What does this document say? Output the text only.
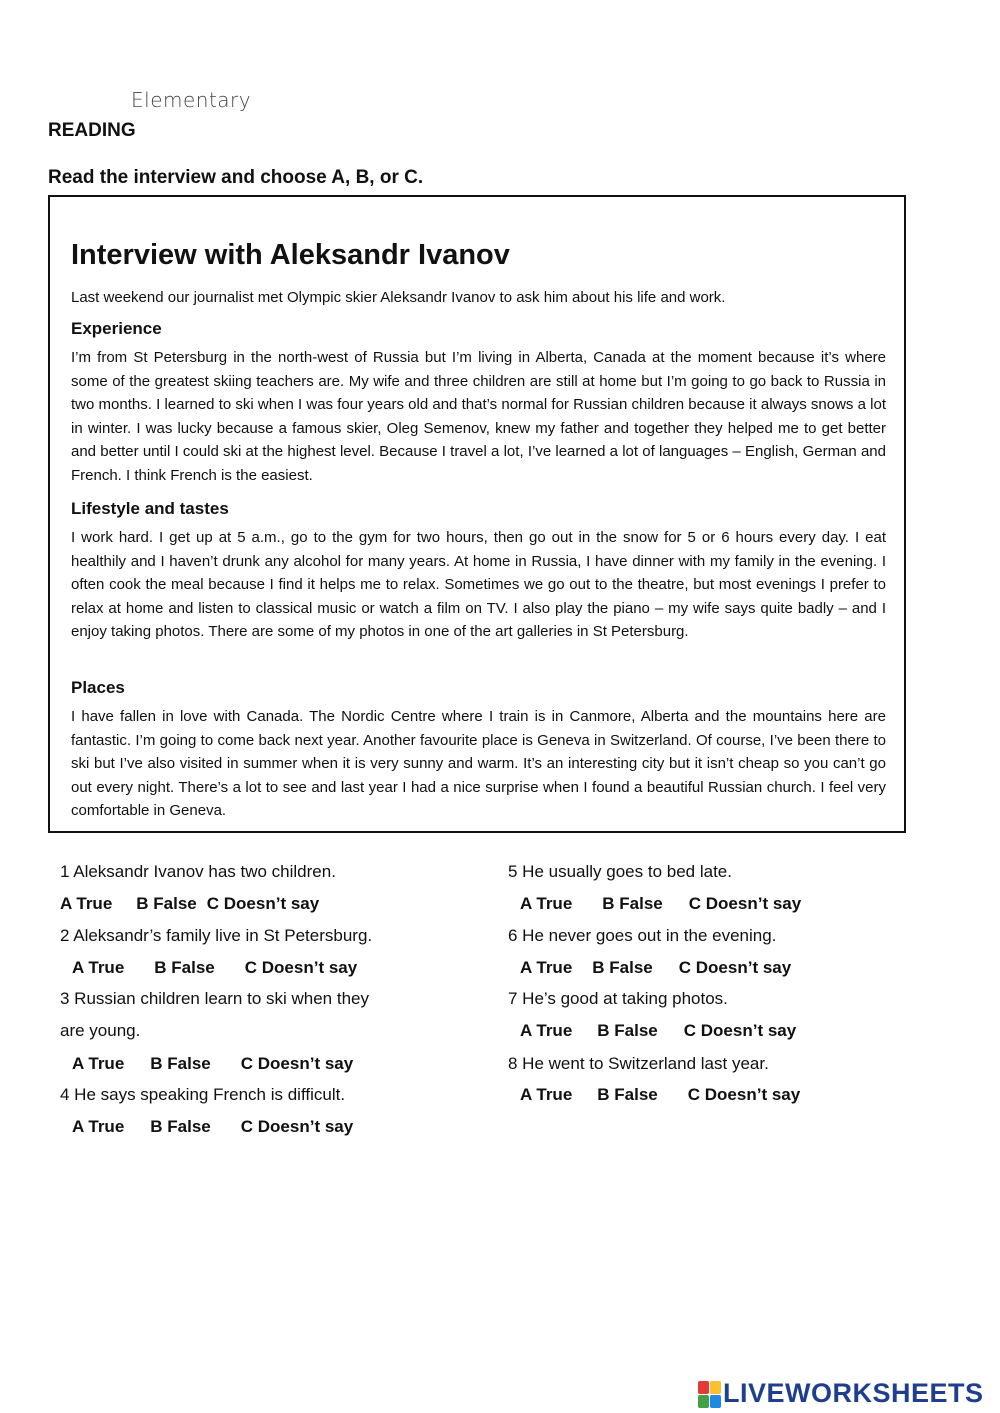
Elementary
READING
Read the interview and choose A, B, or C.
Interview with Aleksandr Ivanov
Last weekend our journalist met Olympic skier Aleksandr Ivanov to ask him about his life and work.
Experience

I’m from St Petersburg in the north-west of Russia but I’m living in Alberta, Canada at the moment because it’s where some of the greatest skiing teachers are. My wife and three children are still at home but I’m going to go back to Russia in two months. I learned to ski when I was four years old and that’s normal for Russian children because it always snows a lot in winter. I was lucky because a famous skier, Oleg Semenov, knew my father and together they helped me to get better and better until I could ski at the highest level. Because I travel a lot, I’ve learned a lot of languages – English, German and French. I think French is the easiest.

Lifestyle and tastes

I work hard. I get up at 5 a.m., go to the gym for two hours, then go out in the snow for 5 or 6 hours every day. I eat healthily and I haven’t drunk any alcohol for many years. At home in Russia, I have dinner with my family in the evening. I often cook the meal because I find it helps me to relax. Sometimes we go out to the theatre, but most evenings I prefer to relax at home and listen to classical music or watch a film on TV. I also play the piano – my wife says quite badly – and I enjoy taking photos. There are some of my photos in one of the art galleries in St Petersburg.

Places

I have fallen in love with Canada. The Nordic Centre where I train is in Canmore, Alberta and the mountains here are fantastic. I’m going to come back next year. Another favourite place is Geneva in Switzerland. Of course, I’ve been there to ski but I’ve also visited in summer when it is very sunny and warm. It’s an interesting city but it isn’t cheap so you can’t go out every night. There’s a lot to see and last year I had a nice surprise when I found a beautiful Russian church. I feel very comfortable in Geneva.

1 Aleksandr Ivanov has two children.
A True B False C Doesn’t say
2 Aleksandr’s family live in St Petersburg.
A True B False C Doesn’t say
3 Russian children learn to ski when they
are young.
A True B False C Doesn’t say
4 He says speaking French is difficult.
A True B False C Doesn’t say
5 He usually goes to bed late.
A True B False C Doesn’t say
6 He never goes out in the evening.
A True B False C Doesn’t say
7 He’s good at taking photos.
A True B False C Doesn’t say
8 He went to Switzerland last year.
A True B False C Doesn’t say
LIVEWORKSHEETS
